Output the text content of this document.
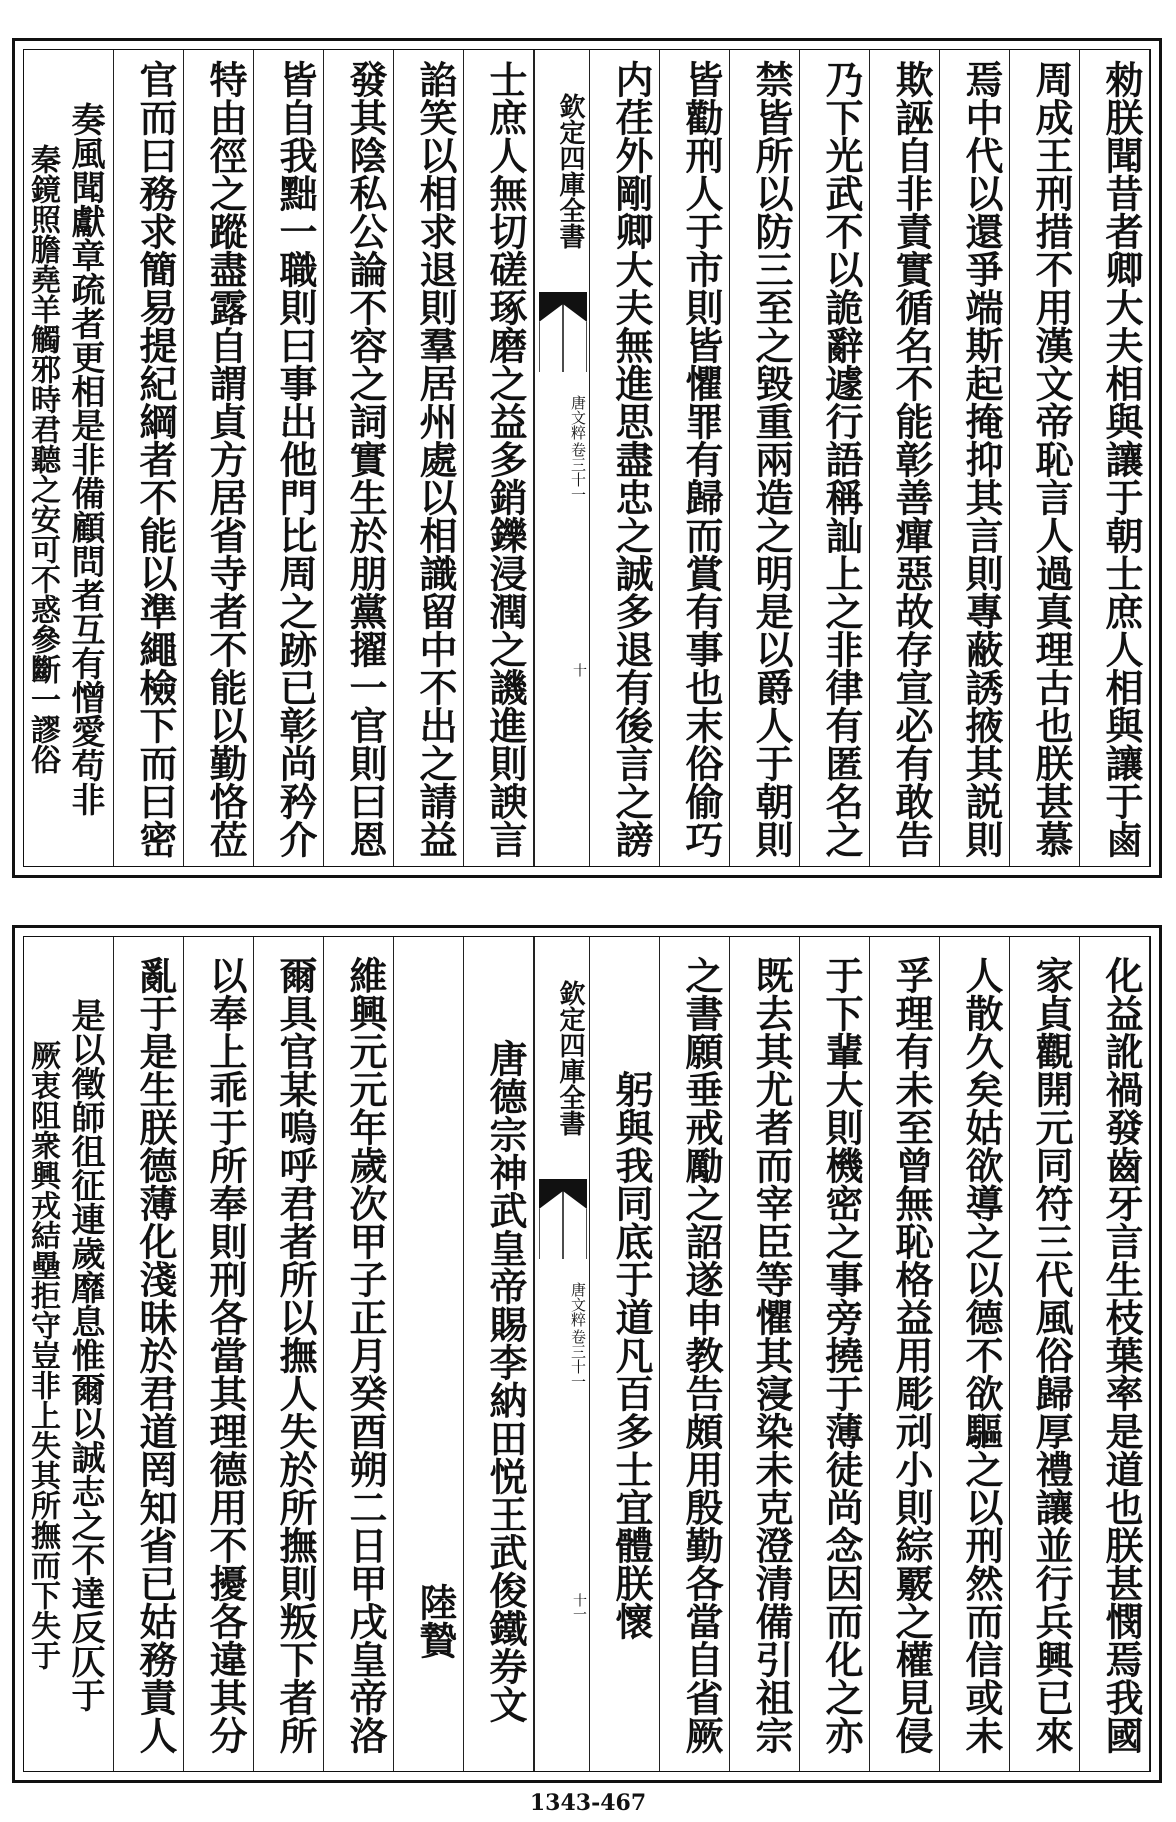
勑朕聞昔者卿大夫相與讓于朝士庶人相與讓于鹵
周成王刑措不用漢文帝恥言人過真理古也朕甚慕
焉中代以還爭端斯起掩抑其言則專蔽誘掖其説則
欺誣自非責實循名不能彰善癉惡故存宣必有敢告
乃下光武不以詭辭遽行語稱訕上之非律有匿名之
禁皆所以防三至之毀重兩造之明是以爵人于朝則
皆勸刑人于市則皆懼罪有歸而賞有事也末俗偷巧
内荏外剛卿大夫無進思盡忠之誠多退有後言之謗
欽定四庫全書
唐文粹
卷三十一
十
士庶人無切磋琢磨之益多銷鑠浸潤之譏進則諛言
諂笑以相求退則羣居州處以相識留中不出之請益
發其陰私公論不容之詞實生於朋黨擢一官則曰恩
皆自我黜一職則曰事出他門比周之跡已彰尚矜介
特由徑之蹤盡露自謂貞方居省寺者不能以勤恪莅
官而曰務求簡易提紀綱者不能以準繩檢下而曰密
奏風聞獻章疏者更相是非備顧問者互有憎愛苟非
秦鏡照膽堯羊觸邪時君聽之安可不惑參斷一謬俗
化益訛禍發齒牙言生枝葉率是道也朕甚憫焉我國
家貞觀開元同符三代風俗歸厚禮讓並行兵興已來
人散久矣姑欲導之以德不欲驅之以刑然而信或未
孚理有未至曾無恥格益用彫刓小則綜覈之權見侵
于下輩大則機密之事旁撓于薄徒尚念因而化之亦
既去其尤者而宰臣等懼其寖染未克澄清備引祖宗
之書願垂戒勵之詔遂申教告頗用殷勤各當自省厥
躬與我同底于道凡百多士宜體朕懷
欽定四庫全書
唐文粹
卷三十一
十一
唐德宗神武皇帝賜李納田悦王武俊鐵券文
陸贄
維興元元年歲次甲子正月癸酉朔二日甲戌皇帝洛
爾具官某嗚呼君者所以撫人失於所撫則叛下者所
以奉上乖于所奉則刑各當其理德用不擾各違其分
亂于是生朕德薄化淺昧於君道罔知省已姑務責人
是以徵師徂征連歲靡息惟爾以誠志之不達反仄于
厥衷阻衆興戎結壘拒守豈非上失其所撫而下失于
1343-467
